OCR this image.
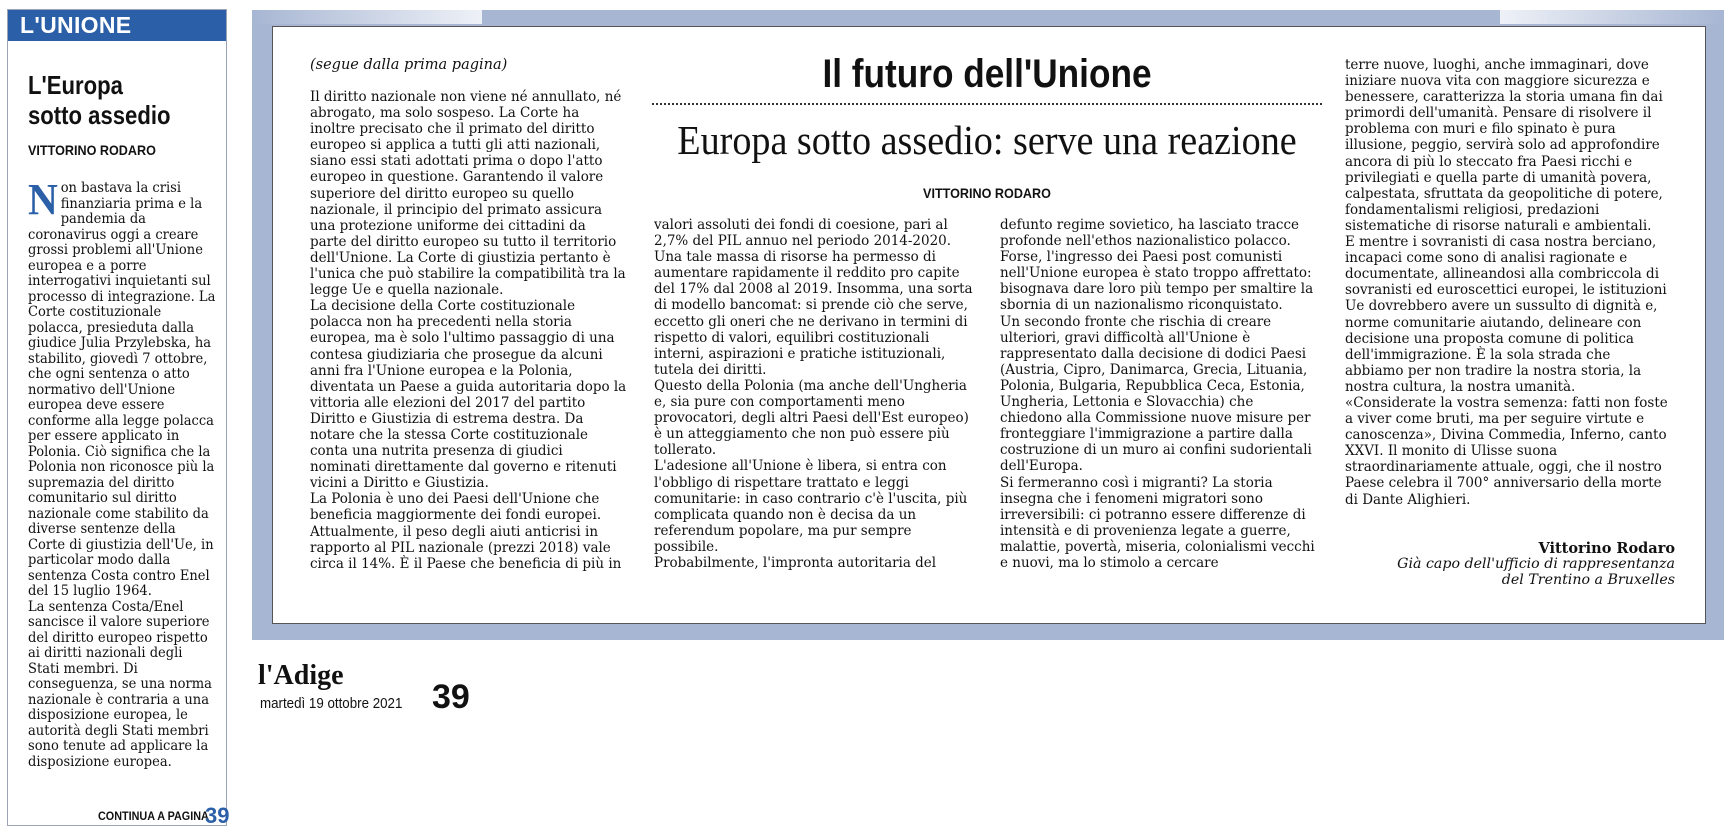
L'UNIONE
L'Europa
sotto assedio
VITTORINO RODARO
Non bastava la crisi finanziaria prima e la pandemia da coronavirus oggi a creare grossi problemi all'Unione europea e a porre interrogativi inquietanti sul processo di integrazione. La Corte costituzionale polacca, presieduta dalla giudice Julia Przylebska, ha stabilito, giovedì 7 ottobre, che ogni sentenza o atto normativo dell'Unione europea deve essere conforme alla legge polacca per essere applicato in Polonia. Ciò significa che la Polonia non riconosce più la supremazia del diritto comunitario sul diritto nazionale come stabilito da diverse sentenze della Corte di giustizia dell'Ue, in particolar modo dalla sentenza Costa contro Enel del 15 luglio 1964.
La sentenza Costa/Enel sancisce il valore superiore del diritto europeo rispetto ai diritti nazionali degli Stati membri. Di conseguenza, se una norma nazionale è contraria a una disposizione europea, le autorità degli Stati membri sono tenute ad applicare la disposizione europea.
CONTINUA A PAGINA
39
(segue dalla prima pagina)
Il diritto nazionale non viene né annullato, né abrogato, ma solo sospeso. La Corte ha inoltre precisato che il primato del diritto europeo si applica a tutti gli atti nazionali, siano essi stati adottati prima o dopo l'atto europeo in questione. Garantendo il valore superiore del diritto europeo su quello nazionale, il principio del primato assicura una protezione uniforme dei cittadini da parte del diritto europeo su tutto il territorio dell'Unione. La Corte di giustizia pertanto è l'unica che può stabilire la compatibilità tra la legge Ue e quella nazionale.
La decisione della Corte costituzionale polacca non ha precedenti nella storia europea, ma è solo l'ultimo passaggio di una contesa giudiziaria che prosegue da alcuni anni fra l'Unione europea e la Polonia, diventata un Paese a guida autoritaria dopo la vittoria alle elezioni del 2017 del partito Diritto e Giustizia di estrema destra. Da notare che la stessa Corte costituzionale conta una nutrita presenza di giudici nominati direttamente dal governo e ritenuti vicini a Diritto e Giustizia.
La Polonia è uno dei Paesi dell'Unione che beneficia maggiormente dei fondi europei. Attualmente, il peso degli aiuti anticrisi in rapporto al PIL nazionale (prezzi 2018) vale circa il 14%. È il Paese che beneficia di più in
Il futuro dell'Unione
Europa sotto assedio: serve una reazione
VITTORINO RODARO
valori assoluti dei fondi di coesione, pari al 2,7% del PIL annuo nel periodo 2014-2020. Una tale massa di risorse ha permesso di aumentare rapidamente il reddito pro capite del 17% dal 2008 al 2019. Insomma, una sorta di modello bancomat: si prende ciò che serve, eccetto gli oneri che ne derivano in termini di rispetto di valori, equilibri costituzionali interni, aspirazioni e pratiche istituzionali, tutela dei diritti.
Questo della Polonia (ma anche dell'Ungheria e, sia pure con comportamenti meno provocatori, degli altri Paesi dell'Est europeo) è un atteggiamento che non può essere più tollerato.
L'adesione all'Unione è libera, si entra con l'obbligo di rispettare trattato e leggi comunitarie: in caso contrario c'è l'uscita, più complicata quando non è decisa da un referendum popolare, ma pur sempre possibile.
Probabilmente, l'impronta autoritaria del
defunto regime sovietico, ha lasciato tracce profonde nell'ethos nazionalistico polacco. Forse, l'ingresso dei Paesi post comunisti nell'Unione europea è stato troppo affrettato: bisognava dare loro più tempo per smaltire la sbornia di un nazionalismo riconquistato.
Un secondo fronte che rischia di creare ulteriori, gravi difficoltà all'Unione è rappresentato dalla decisione di dodici Paesi (Austria, Cipro, Danimarca, Grecia, Lituania, Polonia, Bulgaria, Repubblica Ceca, Estonia, Ungheria, Lettonia e Slovacchia) che chiedono alla Commissione nuove misure per fronteggiare l'immigrazione a partire dalla costruzione di un muro ai confini sudorientali dell'Europa.
Si fermeranno così i migranti? La storia insegna che i fenomeni migratori sono irreversibili: ci potranno essere differenze di intensità e di provenienza legate a guerre, malattie, povertà, miseria, colonialismi vecchi e nuovi, ma lo stimolo a cercare
terre nuove, luoghi, anche immaginari, dove iniziare nuova vita con maggiore sicurezza e benessere, caratterizza la storia umana fin dai primordi dell'umanità. Pensare di risolvere il problema con muri e filo spinato è pura illusione, peggio, servirà solo ad approfondire ancora di più lo steccato fra Paesi ricchi e privilegiati e quella parte di umanità povera, calpestata, sfruttata da geopolitiche di potere, fondamentalismi religiosi, predazioni sistematiche di risorse naturali e ambientali.
E mentre i sovranisti di casa nostra berciano, incapaci come sono di analisi ragionate e documentate, allineandosi alla combriccola di sovranisti ed euroscettici europei, le istituzioni Ue dovrebbero avere un sussulto di dignità e, norme comunitarie aiutando, delineare con decisione una proposta comune di politica dell'immigrazione. È la sola strada che abbiamo per non tradire la nostra storia, la nostra cultura, la nostra umanità.
«Considerate la vostra semenza: fatti non foste a viver come bruti, ma per seguire virtute e canoscenza», Divina Commedia, Inferno, canto XXVI. Il monito di Ulisse suona straordinariamente attuale, oggi, che il nostro Paese celebra il 700° anniversario della morte di Dante Alighieri.
Vittorino Rodaro
Già capo dell'ufficio di rappresentanza
del Trentino a Bruxelles
l'Adige
martedì 19 ottobre 2021 39
